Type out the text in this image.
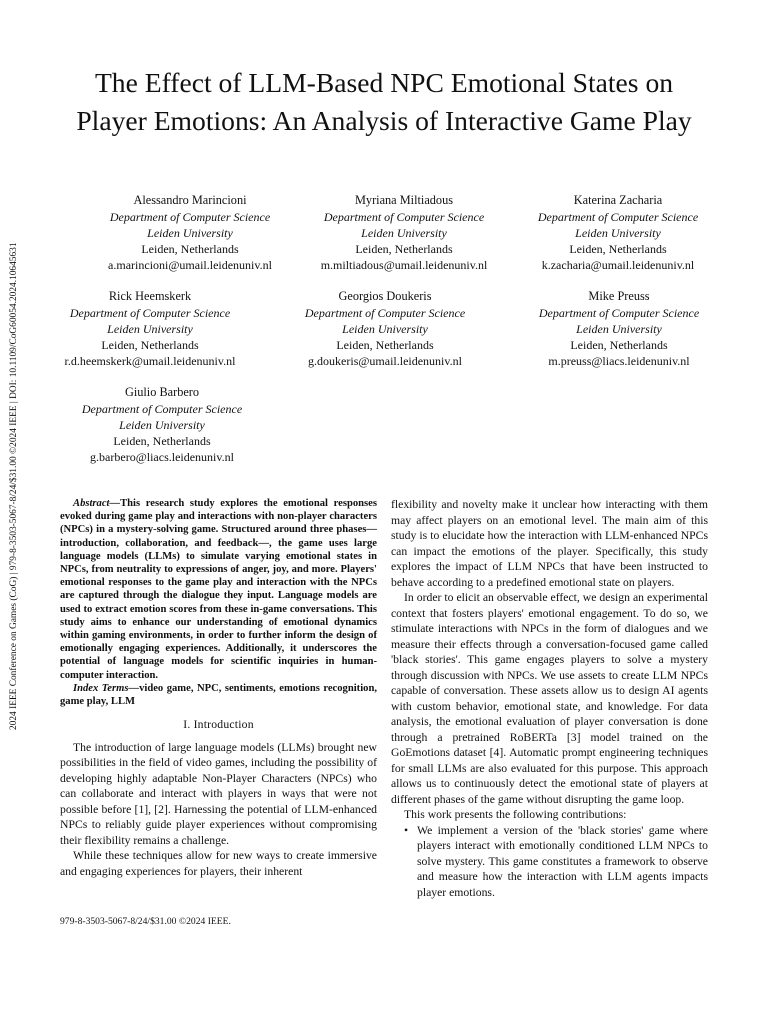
2024 IEEE Conference on Games (CoG) | 979-8-3503-5067-8/24/$31.00 ©2024 IEEE | DOI: 10.1109/CoG60054.2024.10645631
The Effect of LLM-Based NPC Emotional States on Player Emotions: An Analysis of Interactive Game Play
Alessandro Marincioni
Department of Computer Science
Leiden University
Leiden, Netherlands
a.marincioni@umail.leidenuniv.nl
Myriana Miltiadous
Department of Computer Science
Leiden University
Leiden, Netherlands
m.miltiadous@umail.leidenuniv.nl
Katerina Zacharia
Department of Computer Science
Leiden University
Leiden, Netherlands
k.zacharia@umail.leidenuniv.nl
Rick Heemskerk
Department of Computer Science
Leiden University
Leiden, Netherlands
r.d.heemskerk@umail.leidenuniv.nl
Georgios Doukeris
Department of Computer Science
Leiden University
Leiden, Netherlands
g.doukeris@umail.leidenuniv.nl
Mike Preuss
Department of Computer Science
Leiden University
Leiden, Netherlands
m.preuss@liacs.leidenuniv.nl
Giulio Barbero
Department of Computer Science
Leiden University
Leiden, Netherlands
g.barbero@liacs.leidenuniv.nl

Abstract—This research study explores the emotional responses evoked during game play and interactions with non-player characters (NPCs) in a mystery-solving game. Structured around three phases—introduction, collaboration, and feedback—, the game uses large language models (LLMs) to simulate varying emotional states in NPCs, from neutrality to expressions of anger, joy, and more. Players' emotional responses to the game play and interaction with the NPCs are captured through the dialogue they input. Language models are used to extract emotion scores from these in-game conversations. This study aims to enhance our understanding of emotional dynamics within gaming environments, in order to further inform the design of emotionally engaging experiences. Additionally, it underscores the potential of language models for scientific inquiries in human-computer interaction.

Index Terms—video game, NPC, sentiments, emotions recognition, game play, LLM

I. Introduction

The introduction of large language models (LLMs) brought new possibilities in the field of video games, including the possibility of developing highly adaptable Non-Player Characters (NPCs) who can collaborate and interact with players in ways that were not possible before [1], [2]. Harnessing the potential of LLM-enhanced NPCs to reliably guide player experiences without compromising their flexibility remains a challenge.

While these techniques allow for new ways to create immersive and engaging experiences for players, their inherent

flexibility and novelty make it unclear how interacting with them may affect players on an emotional level. The main aim of this study is to elucidate how the interaction with LLM-enhanced NPCs can impact the emotions of the player. Specifically, this study explores the impact of LLM NPCs that have been instructed to behave according to a predefined emotional state on players.

In order to elicit an observable effect, we design an experimental context that fosters players' emotional engagement. To do so, we stimulate interactions with NPCs in the form of dialogues and we measure their effects through a conversation-focused game called 'black stories'. This game engages players to solve a mystery through discussion with NPCs. We use assets to create LLM NPCs capable of conversation. These assets allow us to design AI agents with custom behavior, emotional state, and knowledge. For data analysis, the emotional evaluation of player conversation is done through a pretrained RoBERTa [3] model trained on the GoEmotions dataset [4]. Automatic prompt engineering techniques for small LLMs are also evaluated for this purpose. This approach allows us to continuously detect the emotional state of players at different phases of the game without disrupting the game loop.

This work presents the following contributions:

• We implement a version of the 'black stories' game where players interact with emotionally conditioned LLM NPCs to solve mystery. This game constitutes a framework to observe and measure how the interaction with LLM agents impacts player emotions.
979-8-3503-5067-8/24/$31.00 ©2024 IEEE.
